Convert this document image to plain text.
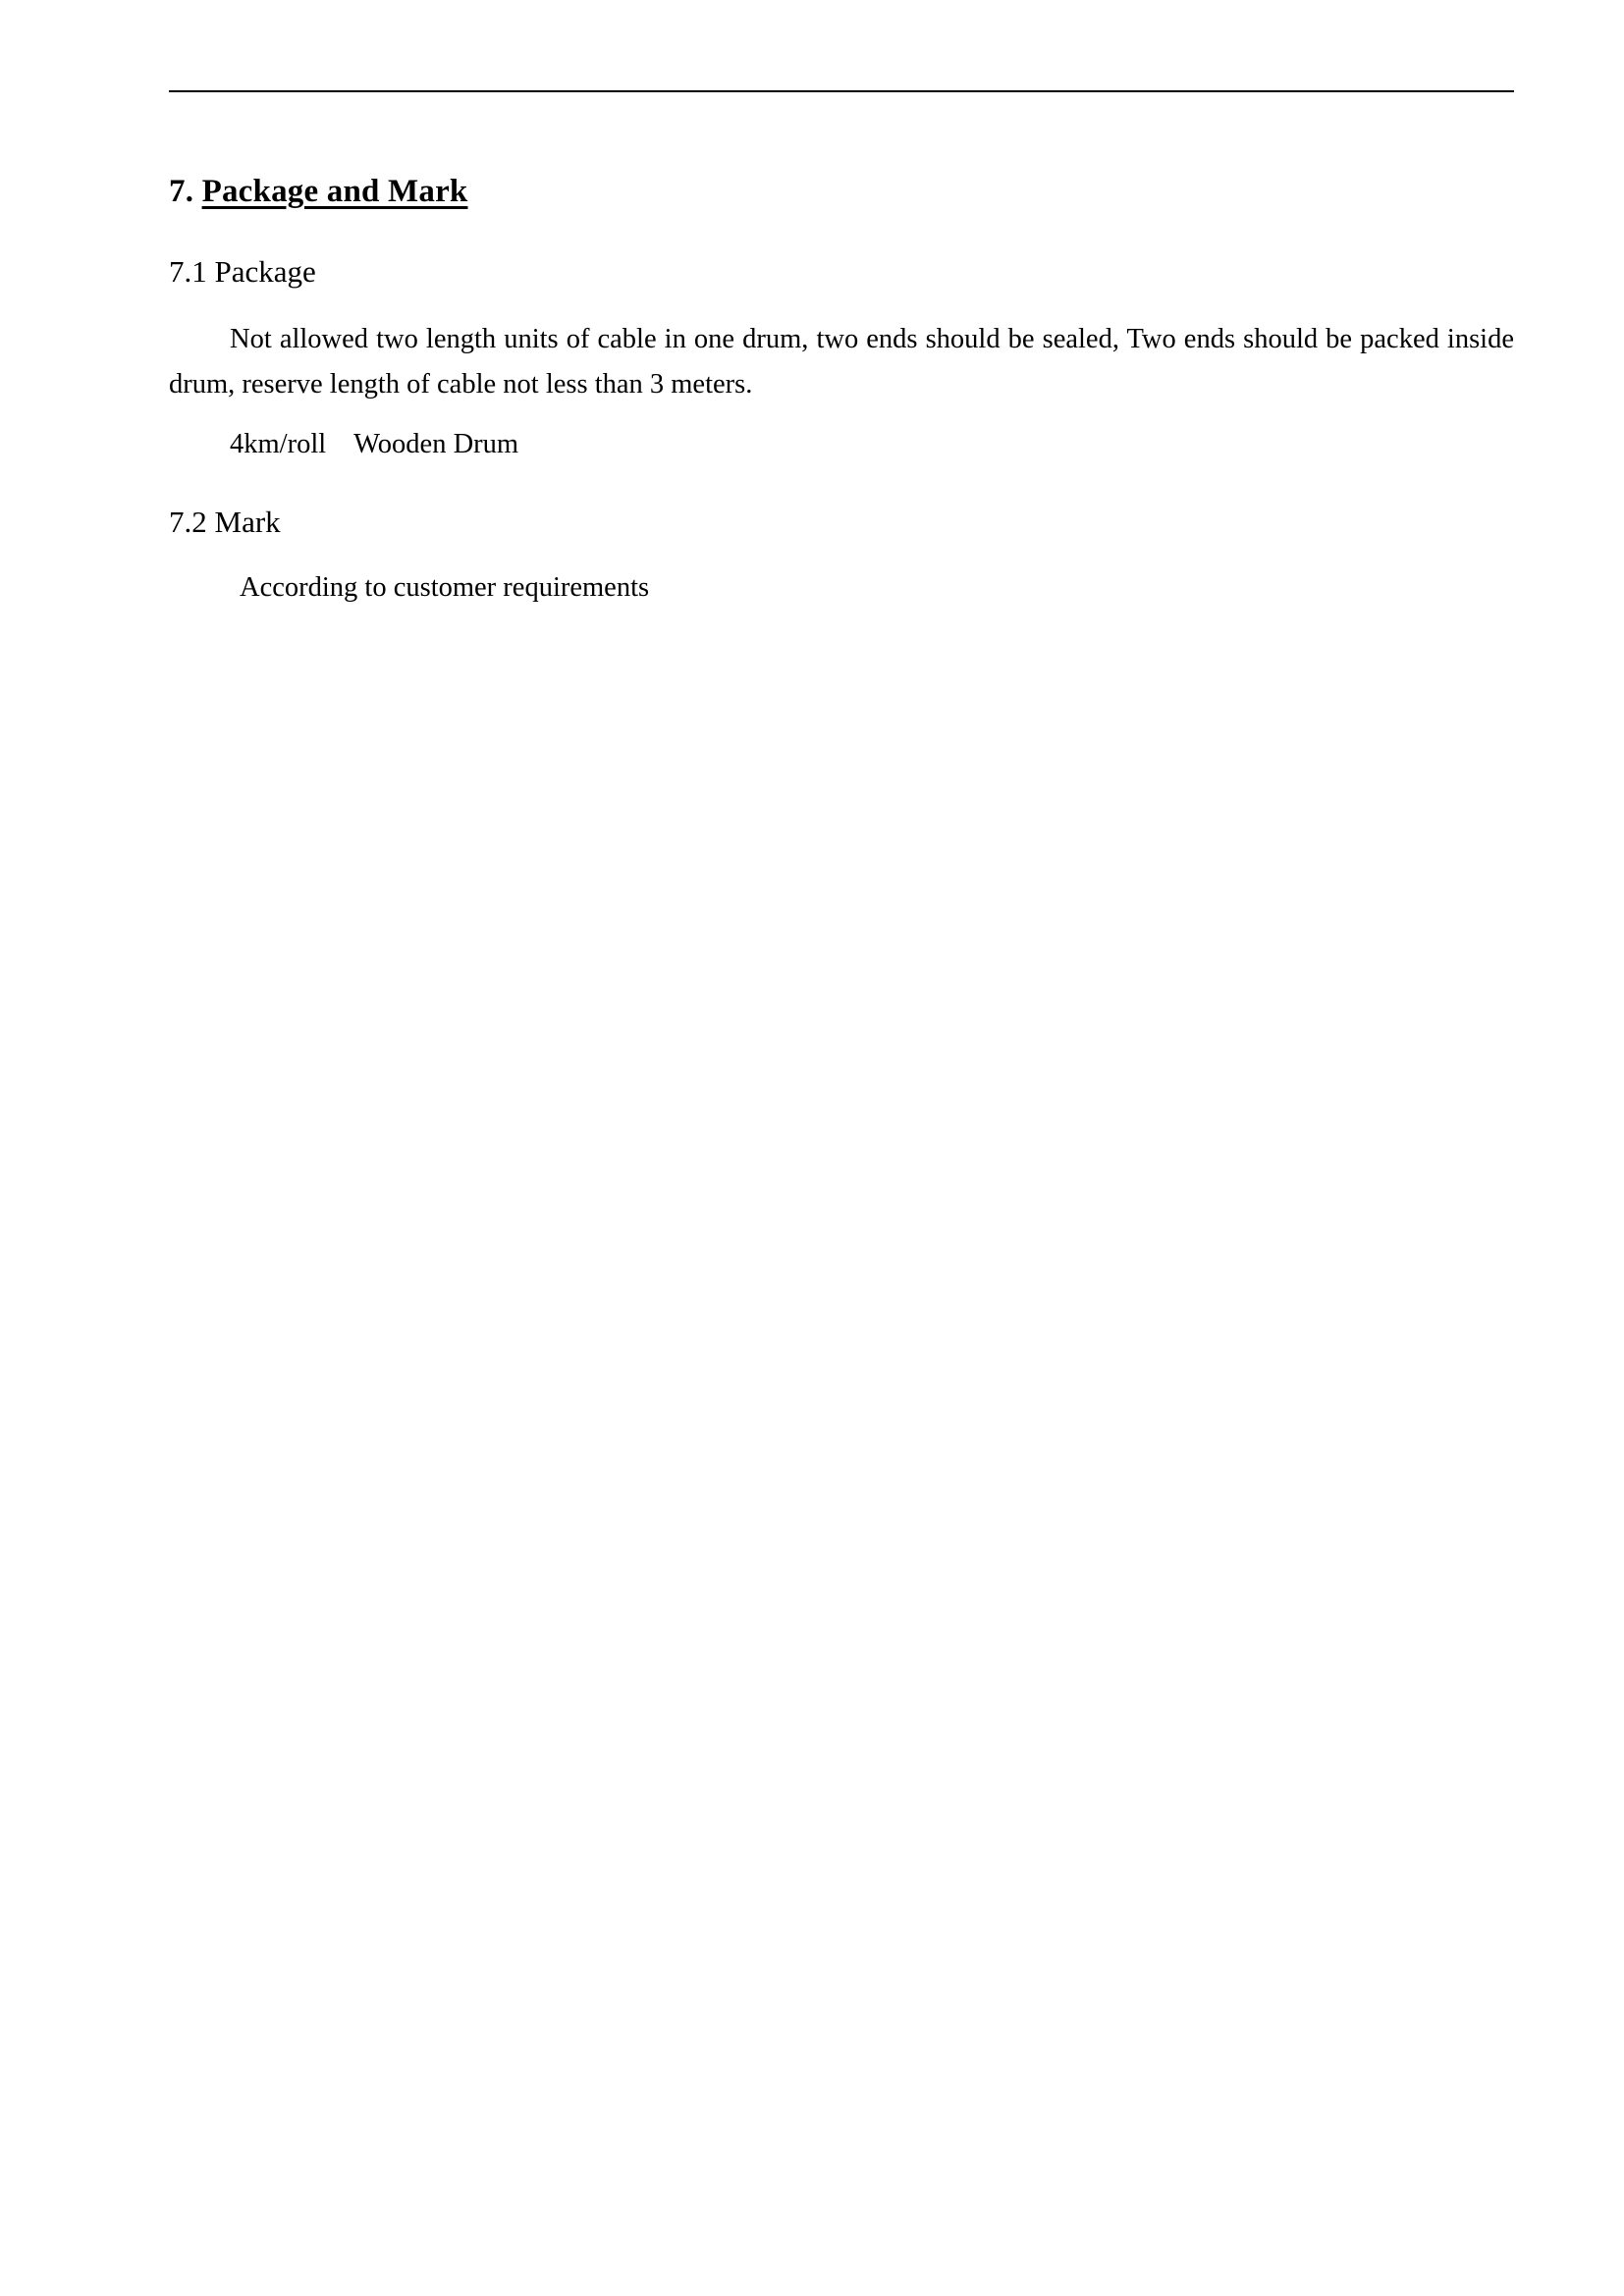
7. Package and Mark
7.1 Package

Not allowed two length units of cable in one drum, two ends should be sealed, Two ends should be packed inside drum, reserve length of cable not less than 3 meters.

4km/roll Wooden Drum

7.2 Mark

According to customer requirements
